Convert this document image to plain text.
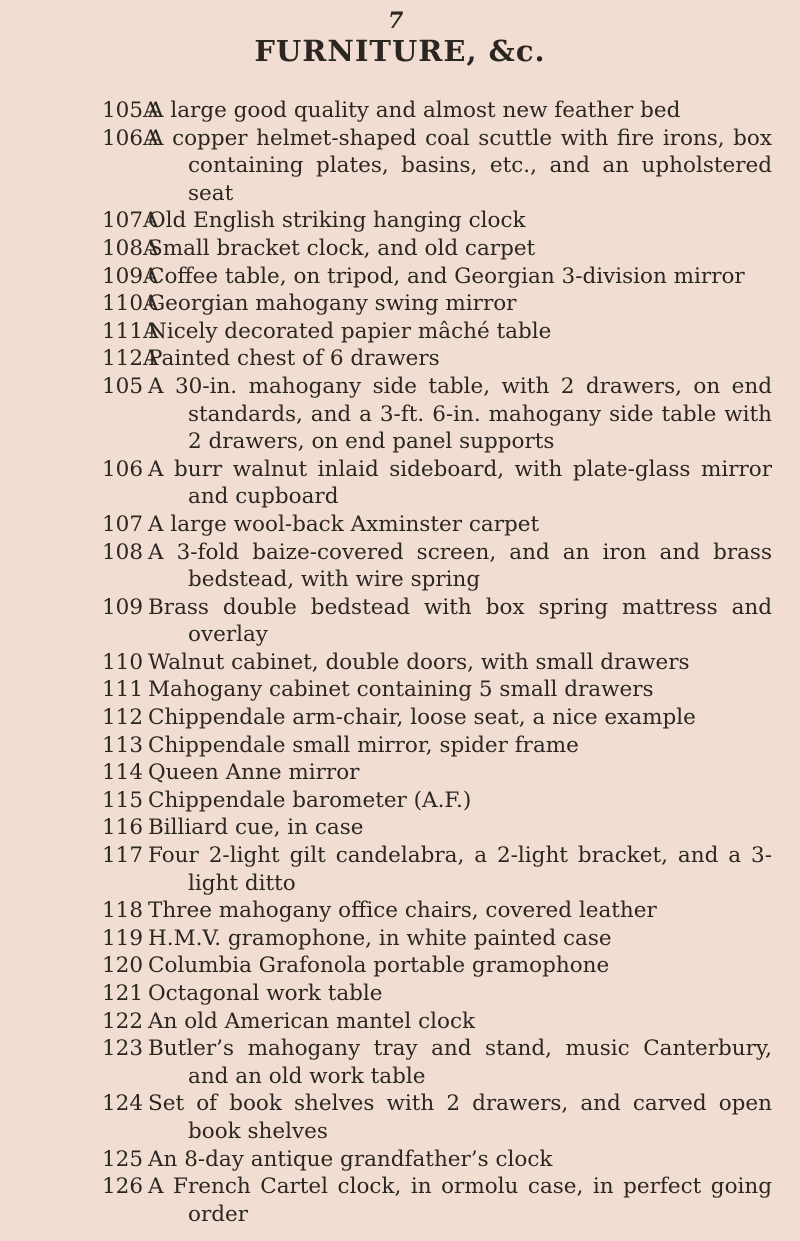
7
FURNITURE, &c.
105A
A large good quality and almost new feather bed
106A
A copper helmet-shaped coal scuttle with fire irons, box containing plates, basins, etc., and an upholstered seat
107A
Old English striking hanging clock
108A
Small bracket clock, and old carpet
109A
Coffee table, on tripod, and Georgian 3-division mirror
110A
Georgian mahogany swing mirror
111A
Nicely decorated papier mâché table
112A
Painted chest of 6 drawers
105 A 30-in. mahogany side table, with 2 drawers, on end standards, and a 3-ft. 6-in. mahogany side table with 2 drawers, on end panel supports
106 A burr walnut inlaid sideboard, with plate-glass mirror and cupboard
107 A large wool-back Axminster carpet
108 A 3-fold baize-covered screen, and an iron and brass bedstead, with wire spring
109 Brass double bedstead with box spring mattress and overlay
110 Walnut cabinet, double doors, with small drawers
111 Mahogany cabinet containing 5 small drawers
112 Chippendale arm-chair, loose seat, a nice example
113 Chippendale small mirror, spider frame
114 Queen Anne mirror
115 Chippendale barometer (A.F.)
116 Billiard cue, in case
117 Four 2-light gilt candelabra, a 2-light bracket, and a 3-light ditto
118 Three mahogany office chairs, covered leather
119 H.M.V. gramophone, in white painted case
120 Columbia Grafonola portable gramophone
121 Octagonal work table
122 An old American mantel clock
123 Butler’s mahogany tray and stand, music Canterbury, and an old work table
124 Set of book shelves with 2 drawers, and carved open book shelves
125 An 8-day antique grandfather’s clock
126 A French Cartel clock, in ormolu case, in perfect going order
